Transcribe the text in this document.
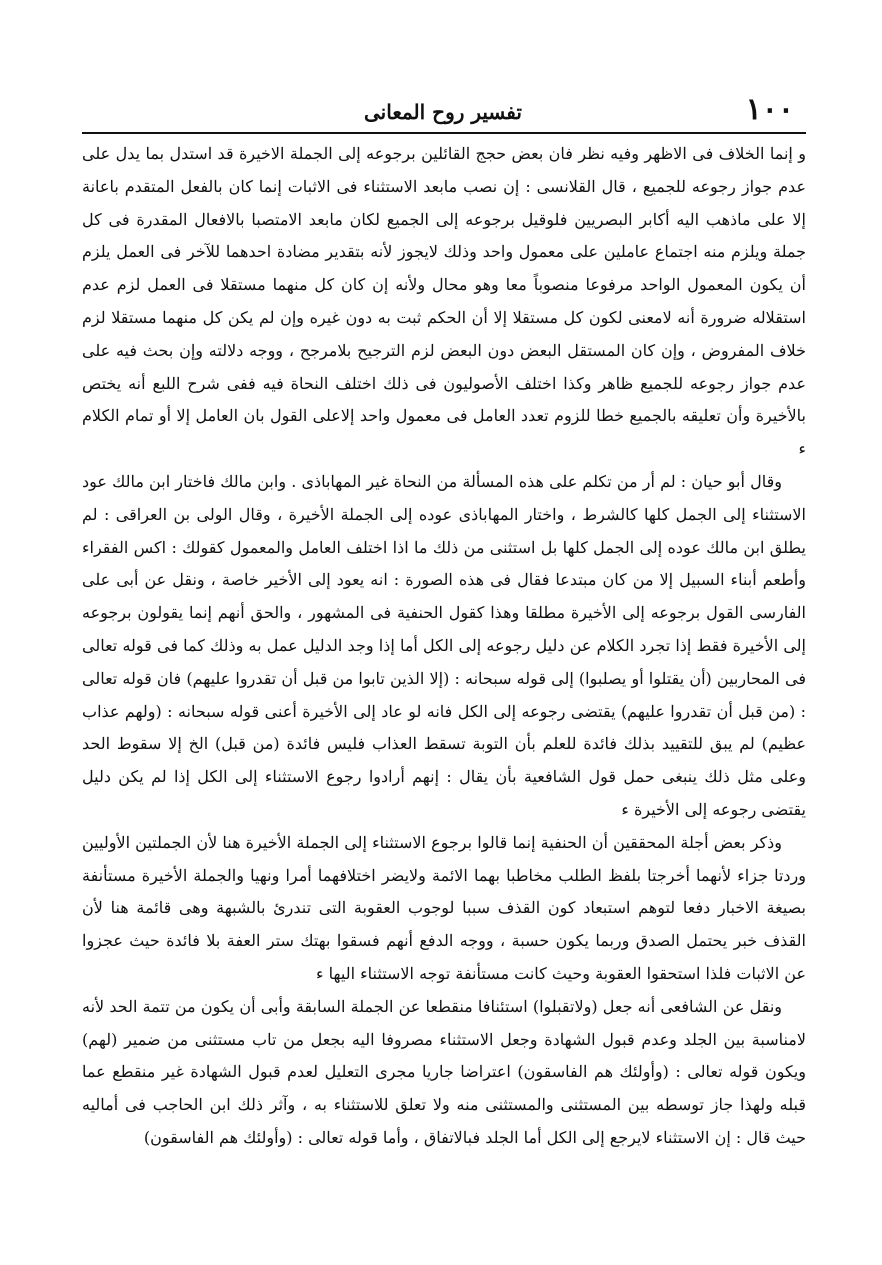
تفسير روح المعانى	١٠٠

و إنما الخلاف فى الاظهر وفيه نظر فان بعض حجج القائلين برجوعه إلى الجملة الاخيرة قد استدل بما يدل على عدم جواز رجوعه للجميع ، قال القلانسى : إن نصب مابعد الاستثناء فى الاثبات إنما كان بالفعل المتقدم باعانة إلا على ماذهب اليه أكابر البصريين فلوقيل برجوعه إلى الجميع لكان مابعد الامتصبا بالافعال المقدرة فى كل جملة ويلزم منه اجتماع عاملين على معمول واحد وذلك لايجوز لأنه بتقدير مضادة احدهما للآخر فى العمل يلزم أن يكون المعمول الواحد مرفوعا منصوباً معا وهو محال ولأنه إن كان كل منهما مستقلا فى العمل لزم عدم استقلاله ضرورة أنه لامعنى لكون كل مستقلا إلا أن الحكم ثبت به دون غيره وإن لم يكن كل منهما مستقلا لزم خلاف المفروض ، وإن كان المستقل البعض دون البعض لزم الترجيح بلامرجح ، ووجه دلالته وإن بحث فيه على عدم جواز رجوعه للجميع ظاهر وكذا اختلف الأصوليون فى ذلك اختلف النحاة فيه ففى شرح اللبع أنه يختص بالأخيرة وأن تعليقه بالجميع خطا للزوم تعدد العامل فى معمول واحد إلاعلى القول بان العامل إلا أو تمام الكلام ء

وقال أبو حيان : لم أر من تكلم على هذه المسألة من النحاة غير المهاباذى . وابن مالك فاختار ابن مالك عود الاستثناء إلى الجمل كلها كالشرط ، واختار المهاباذى عوده إلى الجملة الأخيرة ، وقال الولى بن العراقى : لم يطلق ابن مالك عوده إلى الجمل كلها بل استثنى من ذلك ما اذا اختلف العامل والمعمول كقولك : اكس الفقراء وأطعم أبناء السبيل إلا من كان مبتدعا فقال فى هذه الصورة : انه يعود إلى الأخير خاصة ، ونقل عن أبى على الفارسى القول برجوعه إلى الأخيرة مطلقا وهذا كقول الحنفية فى المشهور ، والحق أنهم إنما يقولون برجوعه إلى الأخيرة فقط إذا تجرد الكلام عن دليل رجوعه إلى الكل أما إذا وجد الدليل عمل به وذلك كما فى قوله تعالى فى المحاربين (أن يقتلوا أو يصلبوا) إلى قوله سبحانه : (إلا الذين تابوا من قبل أن تقدروا عليهم) فان قوله تعالى : (من قبل أن تقدروا عليهم) يقتضى رجوعه إلى الكل فانه لو عاد إلى الأخيرة أعنى قوله سبحانه : (ولهم عذاب عظيم) لم يبق للتقييد بذلك فائدة للعلم بأن التوبة تسقط العذاب فليس فائدة (من قبل) الخ إلا سقوط الحد وعلى مثل ذلك ينبغى حمل قول الشافعية بأن يقال : إنهم أرادوا رجوع الاستثناء إلى الكل إذا لم يكن دليل يقتضى رجوعه إلى الأخيرة ء

وذكر بعض أجلة المحققين أن الحنفية إنما قالوا برجوع الاستثناء إلى الجملة الأخيرة هنا لأن الجملتين الأوليين وردتا جزاء لأنهما أخرجتا بلفظ الطلب مخاطبا بهما الائمة ولايضر اختلافهما أمرا ونهيا والجملة الأخيرة مستأنفة بصيغة الاخبار دفعا لتوهم استبعاد كون القذف سببا لوجوب العقوبة التى تندرئ بالشبهة وهى قائمة هنا لأن القذف خبر يحتمل الصدق وربما يكون حسبة ، ووجه الدفع أنهم فسقوا بهتك ستر العفة بلا فائدة حيث عجزوا عن الاثبات فلذا استحقوا العقوبة وحيث كانت مستأنفة توجه الاستثناء اليها ء

ونقل عن الشافعى أنه جعل (ولاتقبلوا) استئنافا منقطعا عن الجملة السابقة وأبى أن يكون من تتمة الحد لأنه لامناسبة بين الجلد وعدم قبول الشهادة وجعل الاستثناء مصروفا اليه بجعل من تاب مستثنى من ضمير (لهم) ويكون قوله تعالى : (وأولئك هم الفاسقون) اعتراضا جاريا مجرى التعليل لعدم قبول الشهادة غير منقطع عما قبله ولهذا جاز توسطه بين المستثنى والمستثنى منه ولا تعلق للاستثناء به ، وآثر ذلك ابن الحاجب فى أماليه حيث قال : إن الاستثناء لايرجع إلى الكل أما الجلد فبالاتفاق ، وأما قوله تعالى : (وأولئك هم الفاسقون)
